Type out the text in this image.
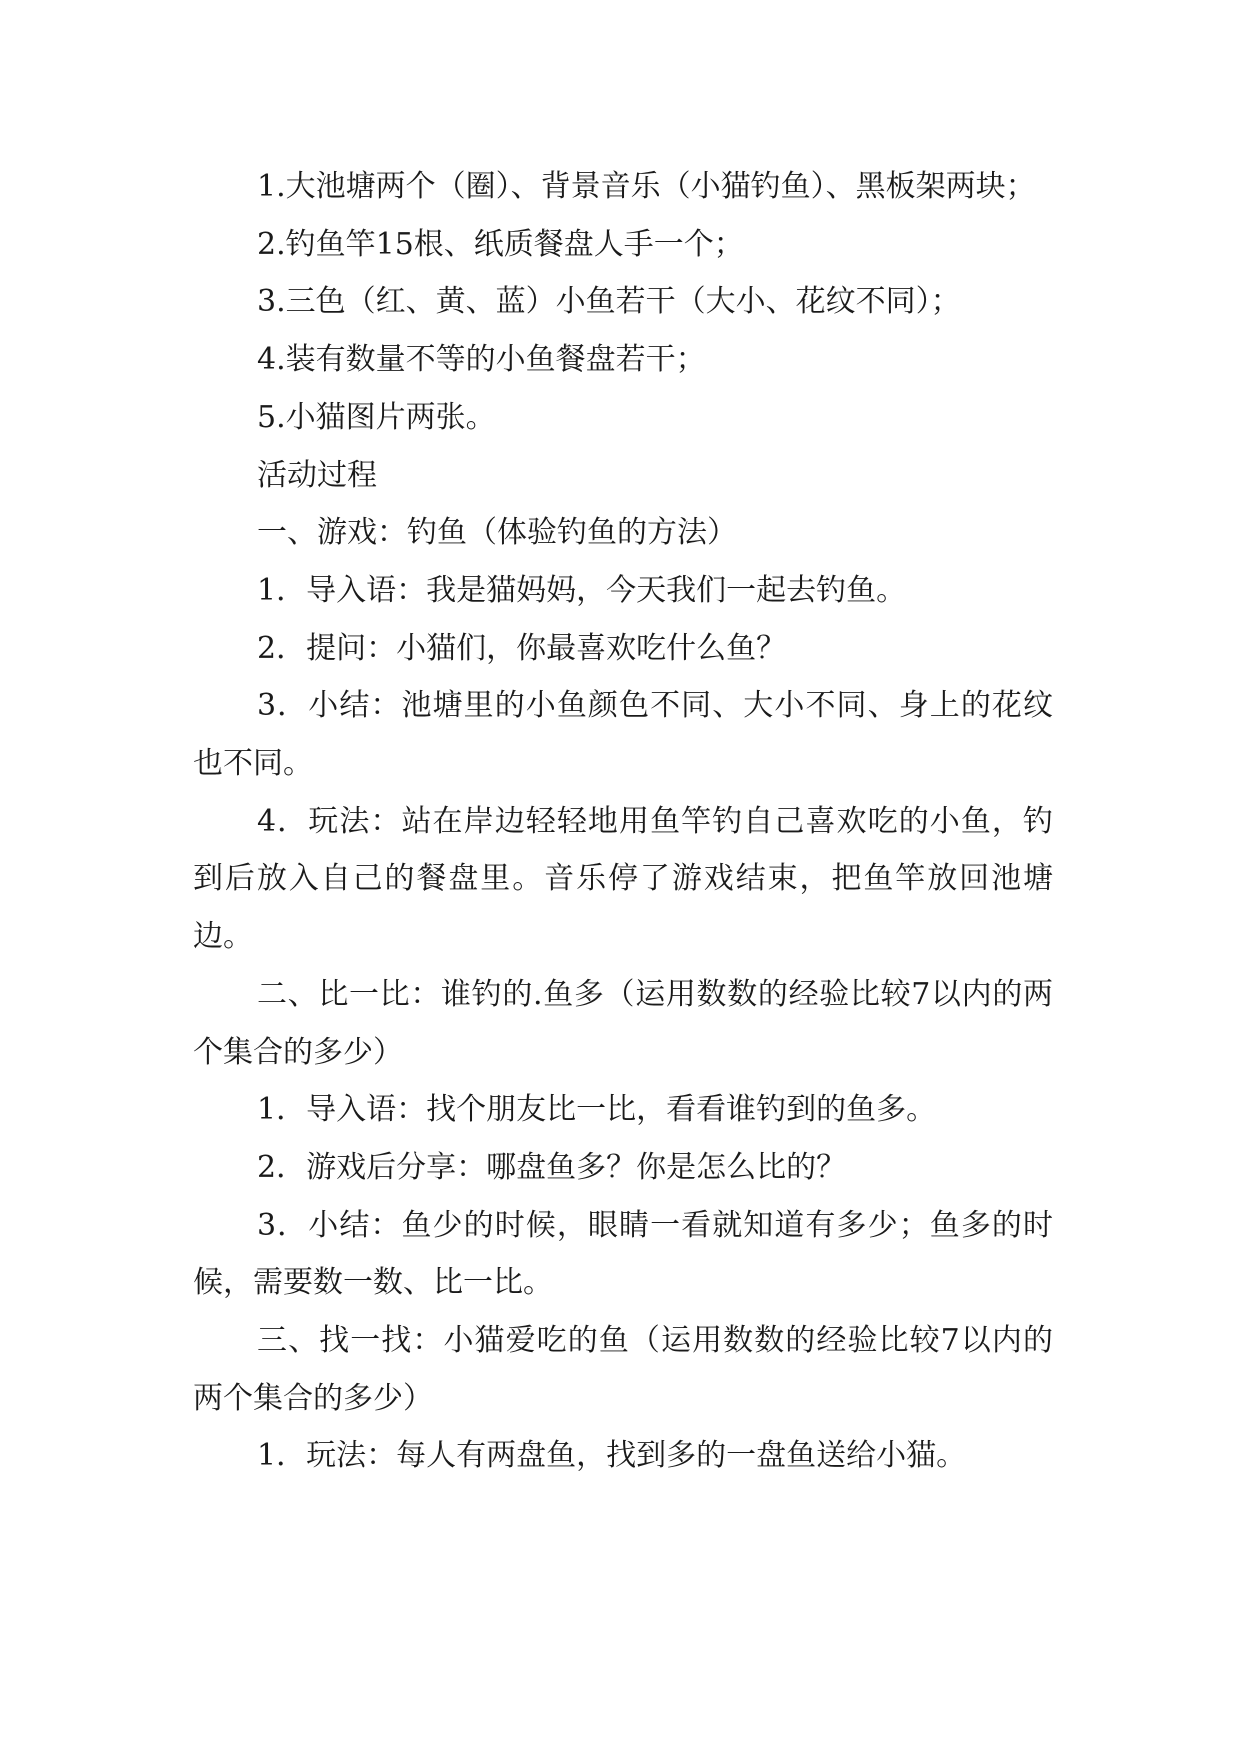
1.大池塘两个（圈）、背景音乐（小猫钓鱼）、黑板架两块；

2.钓鱼竿15根、纸质餐盘人手一个；

3.三色（红、黄、蓝）小鱼若干（大小、花纹不同）；

4.装有数量不等的小鱼餐盘若干；

5.小猫图片两张。

活动过程

一、游戏：钓鱼（体验钓鱼的方法）

1．导入语：我是猫妈妈，今天我们一起去钓鱼。

2．提问：小猫们，你最喜欢吃什么鱼？

3．小结：池塘里的小鱼颜色不同、大小不同、身上的花纹也不同。

4．玩法：站在岸边轻轻地用鱼竿钓自己喜欢吃的小鱼，钓到后放入自己的餐盘里。音乐停了游戏结束，把鱼竿放回池塘边。

二、比一比：谁钓的.鱼多（运用数数的经验比较7以内的两个集合的多少）

1．导入语：找个朋友比一比，看看谁钓到的鱼多。

2．游戏后分享：哪盘鱼多？你是怎么比的？

3．小结：鱼少的时候，眼睛一看就知道有多少；鱼多的时候，需要数一数、比一比。

三、找一找：小猫爱吃的鱼（运用数数的经验比较7以内的两个集合的多少）

1．玩法：每人有两盘鱼，找到多的一盘鱼送给小猫。
